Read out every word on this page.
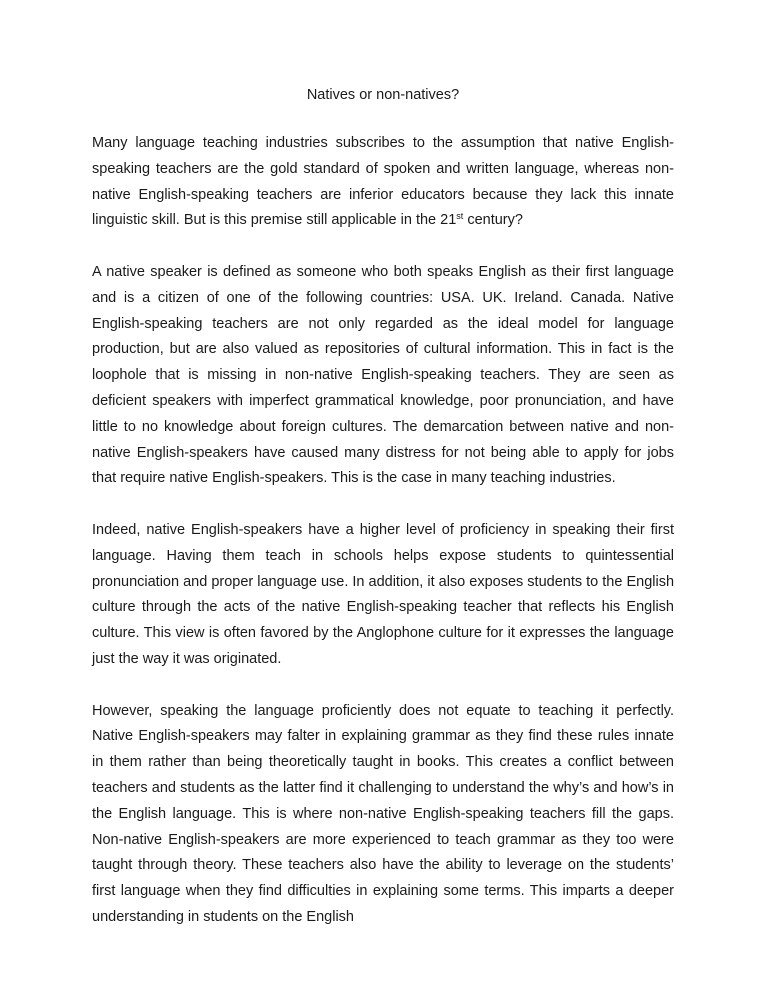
Natives or non-natives?

Many language teaching industries subscribes to the assumption that native English-speaking teachers are the gold standard of spoken and written language, whereas non-native English-speaking teachers are inferior educators because they lack this innate linguistic skill. But is this premise still applicable in the 21st century?

A native speaker is defined as someone who both speaks English as their first language and is a citizen of one of the following countries: USA. UK. Ireland. Canada. Native English-speaking teachers are not only regarded as the ideal model for language production, but are also valued as repositories of cultural information. This in fact is the loophole that is missing in non-native English-speaking teachers. They are seen as deficient speakers with imperfect grammatical knowledge, poor pronunciation, and have little to no knowledge about foreign cultures. The demarcation between native and non-native English-speakers have caused many distress for not being able to apply for jobs that require native English-speakers. This is the case in many teaching industries.

Indeed, native English-speakers have a higher level of proficiency in speaking their first language. Having them teach in schools helps expose students to quintessential pronunciation and proper language use. In addition, it also exposes students to the English culture through the acts of the native English-speaking teacher that reflects his English culture. This view is often favored by the Anglophone culture for it expresses the language just the way it was originated.

However, speaking the language proficiently does not equate to teaching it perfectly. Native English-speakers may falter in explaining grammar as they find these rules innate in them rather than being theoretically taught in books. This creates a conflict between teachers and students as the latter find it challenging to understand the why’s and how’s in the English language. This is where non-native English-speaking teachers fill the gaps. Non-native English-speakers are more experienced to teach grammar as they too were taught through theory. These teachers also have the ability to leverage on the students’ first language when they find difficulties in explaining some terms. This imparts a deeper understanding in students on the English
